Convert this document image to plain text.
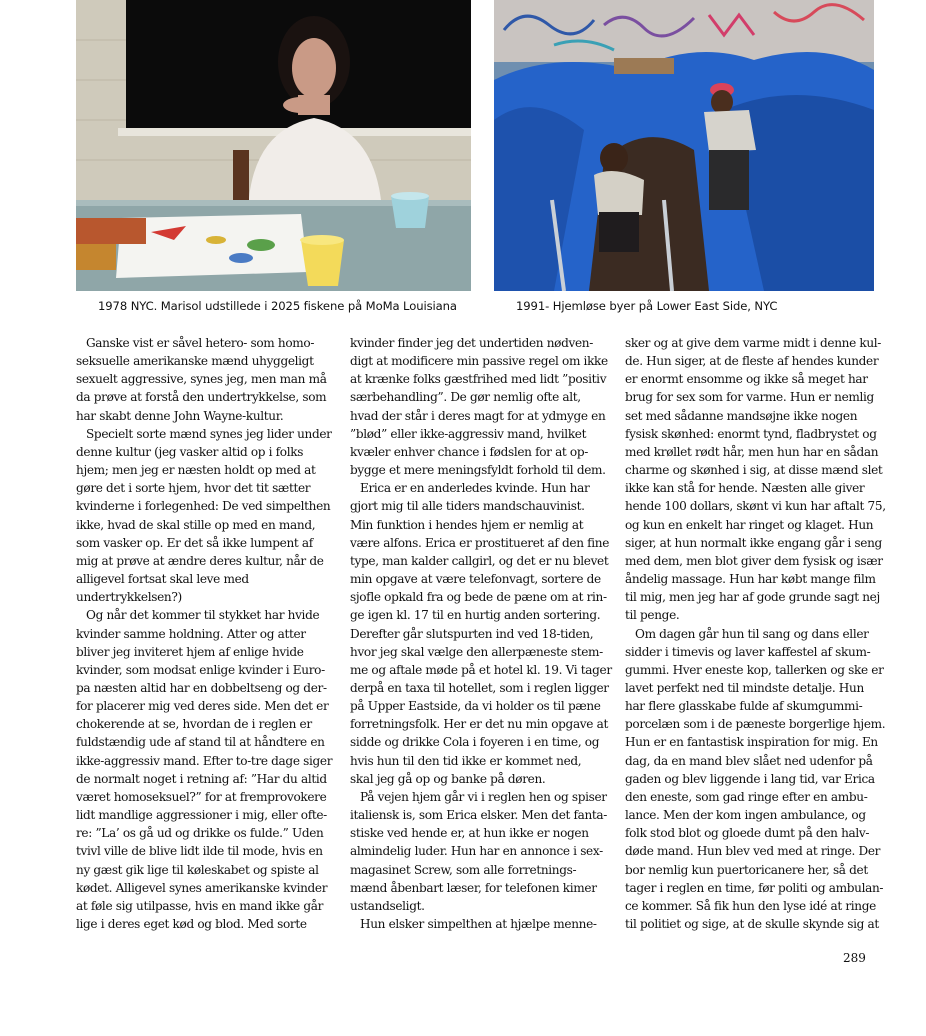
1978 NYC. Marisol udstillede i 2025 fiskene på MoMa Louisiana	1991- Hjemløse byer på Lower East Side, NYC
Ganske vist er såvel hetero- som homo-
seksuelle amerikanske mænd uhyggeligt
sexuelt aggressive, synes jeg, men man må
da prøve at forstå den undertrykkelse, som
har skabt denne John Wayne-kultur.
Specielt sorte mænd synes jeg lider under
denne kultur (jeg vasker altid op i folks
hjem; men jeg er næsten holdt op med at
gøre det i sorte hjem, hvor det tit sætter
kvinderne i forlegenhed: De ved simpelthen
ikke, hvad de skal stille op med en mand,
som vasker op. Er det så ikke lumpent af
mig at prøve at ændre deres kultur, når de
alligevel fortsat skal leve med
undertrykkelsen?)
Og når det kommer til stykket har hvide
kvinder samme holdning. Atter og atter
bliver jeg inviteret hjem af enlige hvide
kvinder, som modsat enlige kvinder i Euro-
pa næsten altid har en dobbeltseng og der-
for placerer mig ved deres side. Men det er
chokerende at se, hvordan de i reglen er
fuldstændig ude af stand til at håndtere en
ikke-aggressiv mand. Efter to-tre dage siger
de normalt noget i retning af: ”Har du altid
været homoseksuel?” for at fremprovokere
lidt mandlige aggressioner i mig, eller ofte-
re: ”La’ os gå ud og drikke os fulde.” Uden
tvivl ville de blive lidt ilde til mode, hvis en
ny gæst gik lige til køleskabet og spiste al
kødet. Alligevel synes amerikanske kvinder
at føle sig utilpasse, hvis en mand ikke går
lige i deres eget kød og blod. Med sorte
kvinder finder jeg det undertiden nødven-
digt at modificere min passive regel om ikke
at krænke folks gæstfrihed med lidt ”positiv
særbehandling”. De gør nemlig ofte alt,
hvad der står i deres magt for at ydmyge en
”blød” eller ikke-aggressiv mand, hvilket
kvæler enhver chance i fødslen for at op-
bygge et mere meningsfyldt forhold til dem.
Erica er en anderledes kvinde. Hun har
gjort mig til alle tiders mandschauvinist.
Min funktion i hendes hjem er nemlig at
være alfons. Erica er prostitueret af den fine
type, man kalder callgirl, og det er nu blevet
min opgave at være telefonvagt, sortere de
sjofle opkald fra og bede de pæne om at rin-
ge igen kl. 17 til en hurtig anden sortering.
Derefter går slutspurten ind ved 18-tiden,
hvor jeg skal vælge den allerpæneste stem-
me og aftale møde på et hotel kl. 19. Vi tager
derpå en taxa til hotellet, som i reglen ligger
på Upper Eastside, da vi holder os til pæne
forretningsfolk. Her er det nu min opgave at
sidde og drikke Cola i foyeren i en time, og
hvis hun til den tid ikke er kommet ned,
skal jeg gå op og banke på døren.
På vejen hjem går vi i reglen hen og spiser
italiensk is, som Erica elsker. Men det fanta-
stiske ved hende er, at hun ikke er nogen
almindelig luder. Hun har en annonce i sex-
magasinet Screw, som alle forretnings-
mænd åbenbart læser, for telefonen kimer
ustandseligt.
Hun elsker simpelthen at hjælpe menne-
sker og at give dem varme midt i denne kul-
de. Hun siger, at de fleste af hendes kunder
er enormt ensomme og ikke så meget har
brug for sex som for varme. Hun er nemlig
set med sådanne mandsøjne ikke nogen
fysisk skønhed: enormt tynd, fladbrystet og
med krøllet rødt hår, men hun har en sådan
charme og skønhed i sig, at disse mænd slet
ikke kan stå for hende. Næsten alle giver
hende 100 dollars, skønt vi kun har aftalt 75,
og kun en enkelt har ringet og klaget. Hun
siger, at hun normalt ikke engang går i seng
med dem, men blot giver dem fysisk og især
åndelig massage. Hun har købt mange film
til mig, men jeg har af gode grunde sagt nej
til penge.
Om dagen går hun til sang og dans eller
sidder i timevis og laver kaffestel af skum-
gummi. Hver eneste kop, tallerken og ske er
lavet perfekt ned til mindste detalje. Hun
har flere glasskabe fulde af skumgummi-
porcelæn som i de pæneste borgerlige hjem.
Hun er en fantastisk inspiration for mig. En
dag, da en mand blev slået ned udenfor på
gaden og blev liggende i lang tid, var Erica
den eneste, som gad ringe efter en ambu-
lance. Men der kom ingen ambulance, og
folk stod blot og gloede dumt på den halv-
døde mand. Hun blev ved med at ringe. Der
bor nemlig kun puertoricanere her, så det
tager i reglen en time, før politi og ambulan-
ce kommer. Så fik hun den lyse idé at ringe
til politiet og sige, at de skulle skynde sig at
289
